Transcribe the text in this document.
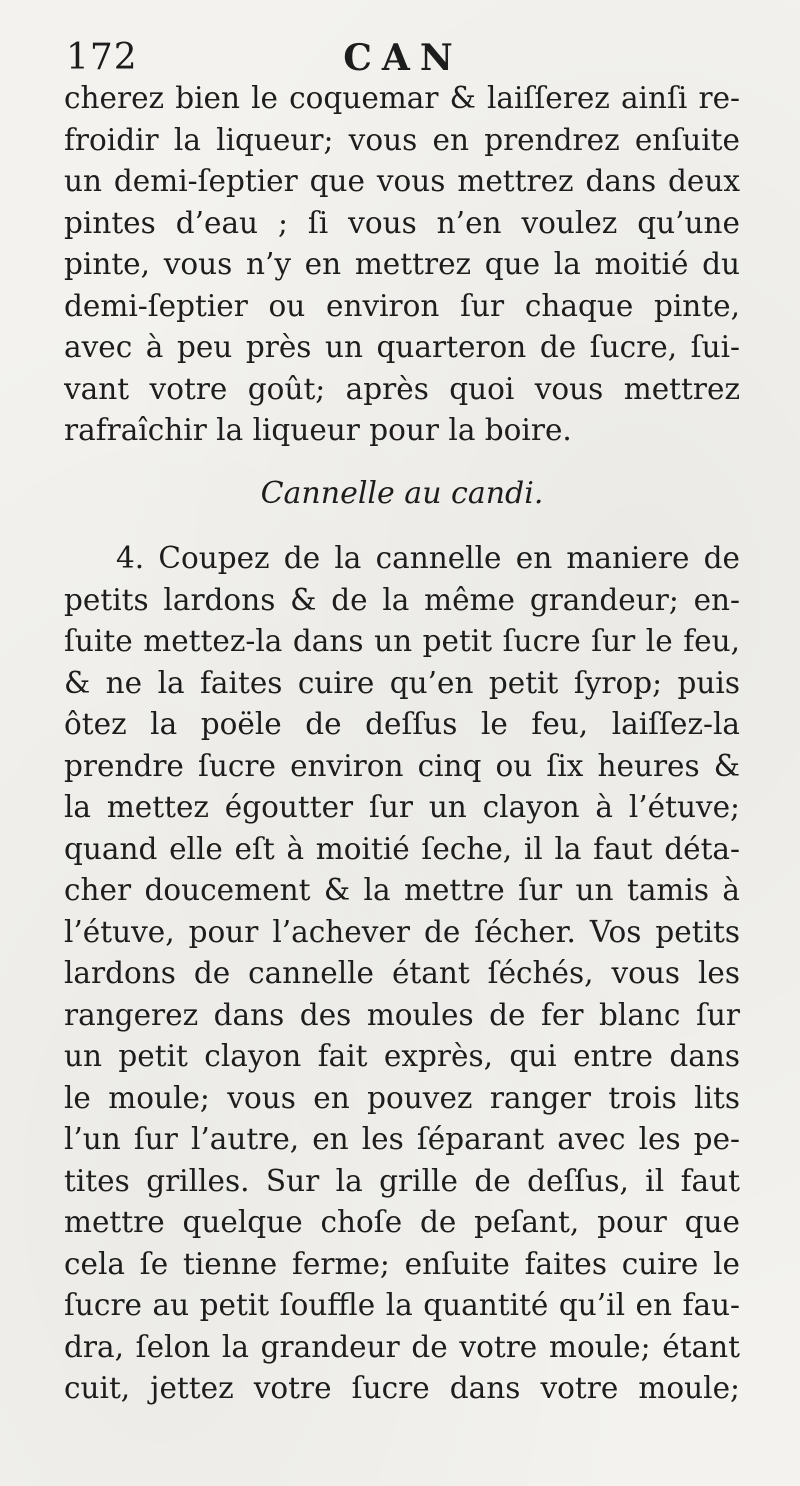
172	CAN
cherez bien le coquemar & laiſſerez ainſi re-
froidir la liqueur; vous en prendrez enſuite
un demi-ſeptier que vous mettrez dans deux
pintes d’eau ; ſi vous n’en voulez qu’une
pinte, vous n’y en mettrez que la moitié du
demi-ſeptier ou environ ſur chaque pinte,
avec à peu près un quarteron de ſucre, ſui-
vant votre goût; après quoi vous mettrez
rafraîchir la liqueur pour la boire.
Cannelle au candi.
4. Coupez de la cannelle en maniere de
petits lardons & de la même grandeur; en-
ſuite mettez-la dans un petit ſucre ſur le feu,
& ne la faites cuire qu’en petit ſyrop; puis
ôtez la poële de deſſus le feu, laiſſez-la
prendre ſucre environ cinq ou ſix heures &
la mettez égoutter ſur un clayon à l’étuve;
quand elle eſt à moitié ſeche, il la faut déta-
cher doucement & la mettre ſur un tamis à
l’étuve, pour l’achever de ſécher. Vos petits
lardons de cannelle étant ſéchés, vous les
rangerez dans des moules de fer blanc ſur
un petit clayon fait exprès, qui entre dans
le moule; vous en pouvez ranger trois lits
l’un ſur l’autre, en les ſéparant avec les pe-
tites grilles. Sur la grille de deſſus, il faut
mettre quelque choſe de peſant, pour que
cela ſe tienne ferme; enſuite faites cuire le
ſucre au petit ſouffle la quantité qu’il en fau-
dra, ſelon la grandeur de votre moule; étant
cuit, jettez votre ſucre dans votre moule;
